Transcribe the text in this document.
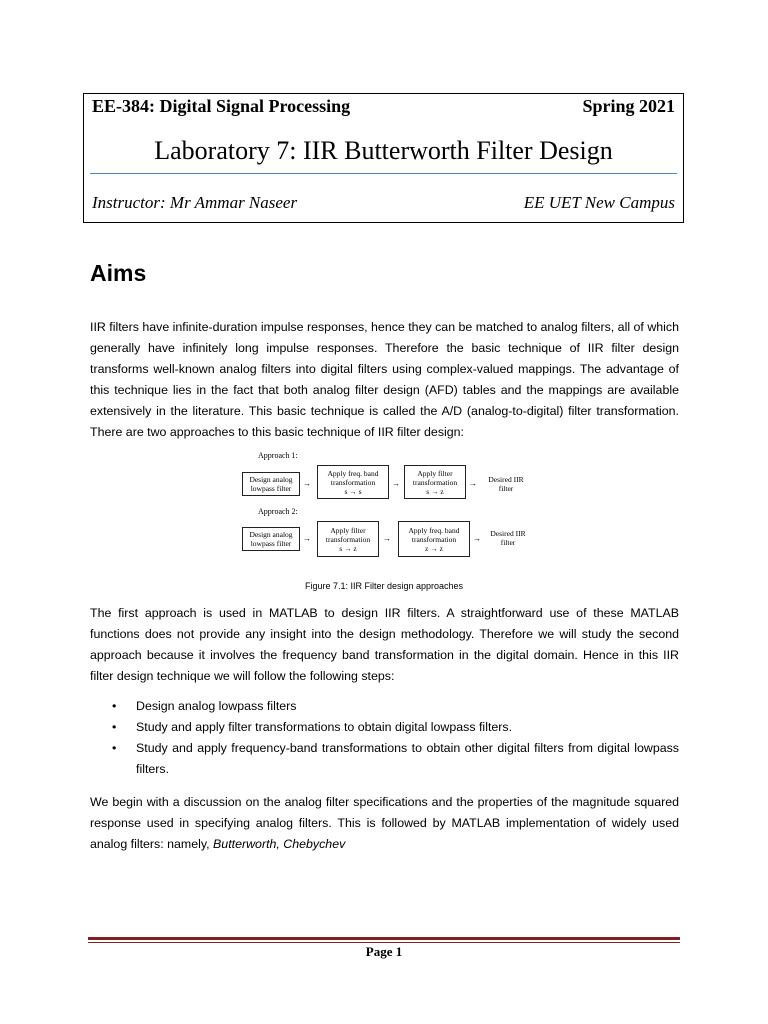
EE-384: Digital Signal Processing	Spring 2021
Laboratory 7: IIR Butterworth Filter Design
Instructor: Mr Ammar Naseer	EE UET New Campus
Aims

IIR filters have infinite-duration impulse responses, hence they can be matched to analog filters, all of which generally have infinitely long impulse responses. Therefore the basic technique of IIR filter design transforms well-known analog filters into digital filters using complex-valued mappings. The advantage of this technique lies in the fact that both analog filter design (AFD) tables and the mappings are available extensively in the literature. This basic technique is called the A/D (analog-to-digital) filter transformation. There are two approaches to this basic technique of IIR filter design:

Approach 1:
Design analog
lowpass filter
→
Apply freq. band
transformation
s → s
→
Apply filter
transformation
s → z
→	Desired IIR
filter
Approach 2:
Design analog
lowpass filter
→
Apply filter
transformation
s → z
→
Apply freq. band
transformation
z → z
→
Desired IIR
filter
Figure 7.1: IIR Filter design approaches

The first approach is used in MATLAB to design IIR filters. A straightforward use of these MATLAB functions does not provide any insight into the design methodology. Therefore we will study the second approach because it involves the frequency band transformation in the digital domain. Hence in this IIR filter design technique we will follow the following steps:

• Design analog lowpass filters
• Study and apply filter transformations to obtain digital lowpass filters.
• Study and apply frequency-band transformations to obtain other digital filters from digital lowpass filters.

We begin with a discussion on the analog filter specifications and the properties of the magnitude squared response used in specifying analog filters. This is followed by MATLAB implementation of widely used analog filters: namely, Butterworth, Chebychev

Page 1
